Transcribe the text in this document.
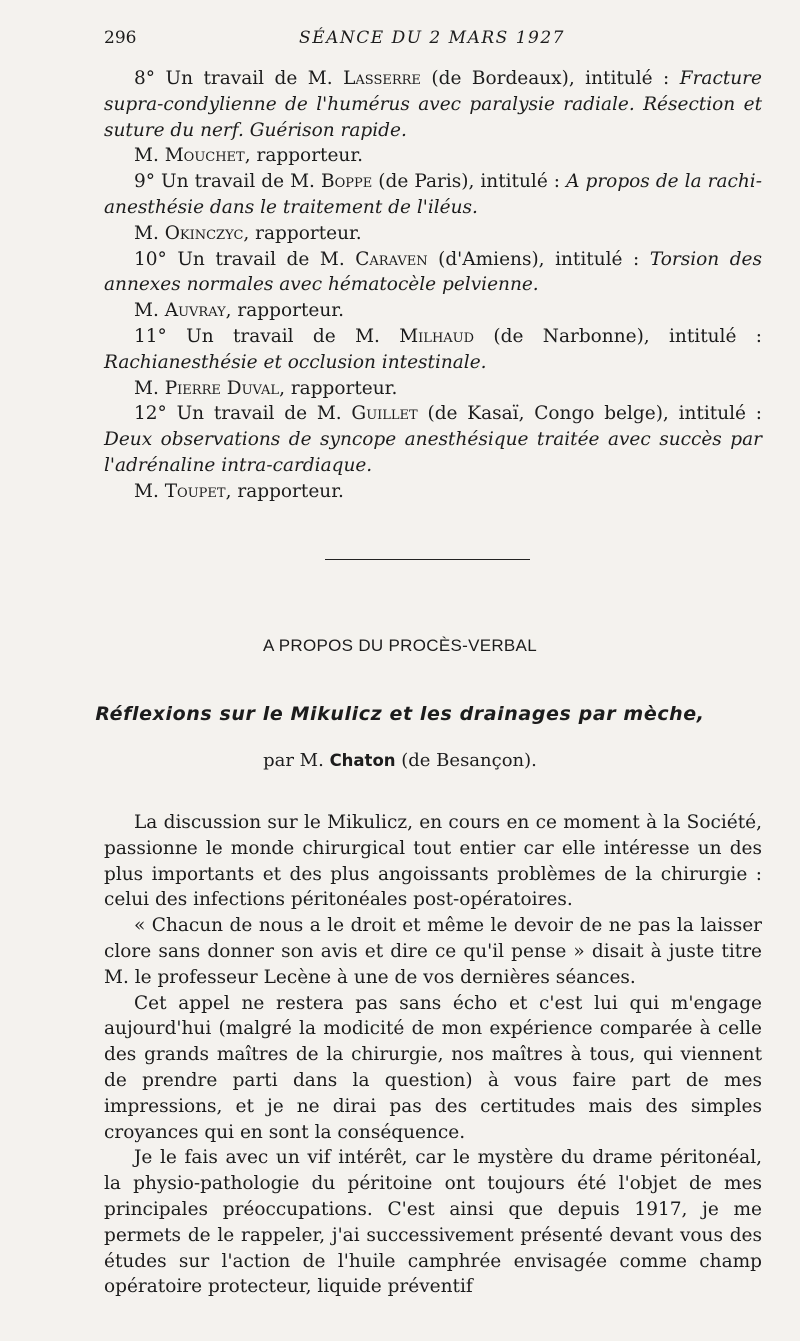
296	SÉANCE DU 2 MARS 1927

8° Un travail de M. Lasserre (de Bordeaux), intitulé : Fracture supra-condylienne de l'humérus avec paralysie radiale. Résection et suture du nerf. Guérison rapide.

M. Mouchet, rapporteur.

9° Un travail de M. Boppe (de Paris), intitulé : A propos de la rachi-anesthésie dans le traitement de l'iléus.

M. Okinczyc, rapporteur.

10° Un travail de M. Caraven (d'Amiens), intitulé : Torsion des annexes normales avec hématocèle pelvienne.

M. Auvray, rapporteur.

11° Un travail de M. Milhaud (de Narbonne), intitulé : Rachianesthésie et occlusion intestinale.

M. Pierre Duval, rapporteur.

12° Un travail de M. Guillet (de Kasaï, Congo belge), intitulé : Deux observations de syncope anesthésique traitée avec succès par l'adrénaline intra-cardiaque.

M. Toupet, rapporteur.

A PROPOS DU PROCÈS-VERBAL
Réflexions sur le Mikulicz et les drainages par mèche,
par M. Chaton (de Besançon).

La discussion sur le Mikulicz, en cours en ce moment à la Société, passionne le monde chirurgical tout entier car elle intéresse un des plus importants et des plus angoissants problèmes de la chirurgie : celui des infections péritonéales post-opératoires.

« Chacun de nous a le droit et même le devoir de ne pas la laisser clore sans donner son avis et dire ce qu'il pense » disait à juste titre M. le professeur Lecène à une de vos dernières séances.

Cet appel ne restera pas sans écho et c'est lui qui m'engage aujourd'hui (malgré la modicité de mon expérience comparée à celle des grands maîtres de la chirurgie, nos maîtres à tous, qui viennent de prendre parti dans la question) à vous faire part de mes impressions, et je ne dirai pas des certitudes mais des simples croyances qui en sont la conséquence.

Je le fais avec un vif intérêt, car le mystère du drame péritonéal, la physio-pathologie du péritoine ont toujours été l'objet de mes principales préoccupations. C'est ainsi que depuis 1917, je me permets de le rappeler, j'ai successivement présenté devant vous des études sur l'action de l'huile camphrée envisagée comme champ opératoire protecteur, liquide préventif
